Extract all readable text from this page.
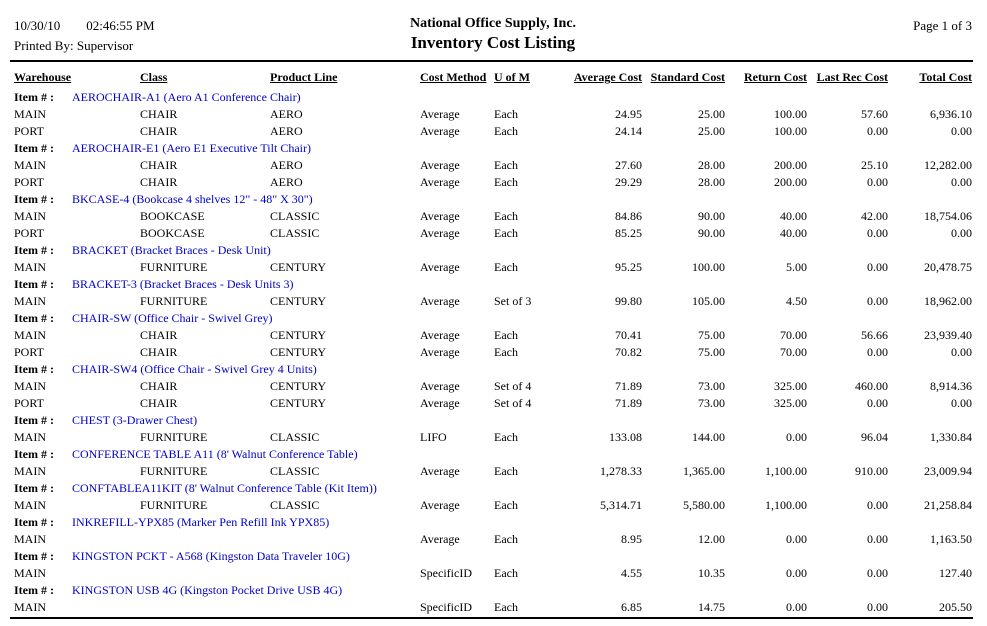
10/30/10 02:46:55 PM
Printed By: Supervisor
National Office Supply, Inc.
Inventory Cost Listing
Page 1 of 3
Warehouse	Class	Product Line	Cost Method	U of M	Average Cost	Standard Cost	Return Cost	Last Rec Cost	Total Cost
Item # : AEROCHAIR-A1 (Aero A1 Conference Chair)									
MAIN	CHAIR	AERO	Average	Each	24.95	25.00	100.00	57.60	6,936.10
PORT	CHAIR	AERO	Average	Each	24.14	25.00	100.00	0.00	0.00
Item # : AEROCHAIR-E1 (Aero E1 Executive Tilt Chair)									
MAIN	CHAIR	AERO	Average	Each	27.60	28.00	200.00	25.10	12,282.00
PORT	CHAIR	AERO	Average	Each	29.29	28.00	200.00	0.00	0.00
Item # : BKCASE-4 (Bookcase 4 shelves 12" - 48" X 30")									
MAIN	BOOKCASE	CLASSIC	Average	Each	84.86	90.00	40.00	42.00	18,754.06
PORT	BOOKCASE	CLASSIC	Average	Each	85.25	90.00	40.00	0.00	0.00
Item # : BRACKET (Bracket Braces - Desk Unit)									
MAIN	FURNITURE	CENTURY	Average	Each	95.25	100.00	5.00	0.00	20,478.75
Item # : BRACKET-3 (Bracket Braces - Desk Units 3)									
MAIN	FURNITURE	CENTURY	Average	Set of 3	99.80	105.00	4.50	0.00	18,962.00
Item # : CHAIR-SW (Office Chair - Swivel Grey)									
MAIN	CHAIR	CENTURY	Average	Each	70.41	75.00	70.00	56.66	23,939.40
PORT	CHAIR	CENTURY	Average	Each	70.82	75.00	70.00	0.00	0.00
Item # : CHAIR-SW4 (Office Chair - Swivel Grey 4 Units)									
MAIN	CHAIR	CENTURY	Average	Set of 4	71.89	73.00	325.00	460.00	8,914.36
PORT	CHAIR	CENTURY	Average	Set of 4	71.89	73.00	325.00	0.00	0.00
Item # : CHEST (3-Drawer Chest)									
MAIN	FURNITURE	CLASSIC	LIFO	Each	133.08	144.00	0.00	96.04	1,330.84
Item # : CONFERENCE TABLE A11 (8' Walnut Conference Table)									
MAIN	FURNITURE	CLASSIC	Average	Each	1,278.33	1,365.00	1,100.00	910.00	23,009.94
Item # : CONFTABLEA11KIT (8' Walnut Conference Table (Kit Item))									
MAIN	FURNITURE	CLASSIC	Average	Each	5,314.71	5,580.00	1,100.00	0.00	21,258.84
Item # : INKREFILL-YPX85 (Marker Pen Refill Ink YPX85)									
MAIN			Average	Each	8.95	12.00	0.00	0.00	1,163.50
Item # : KINGSTON PCKT - A568 (Kingston Data Traveler 10G)									
MAIN			SpecificID	Each	4.55	10.35	0.00	0.00	127.40
Item # : KINGSTON USB 4G (Kingston Pocket Drive USB 4G)									
MAIN			SpecificID	Each	6.85	14.75	0.00	0.00	205.50
